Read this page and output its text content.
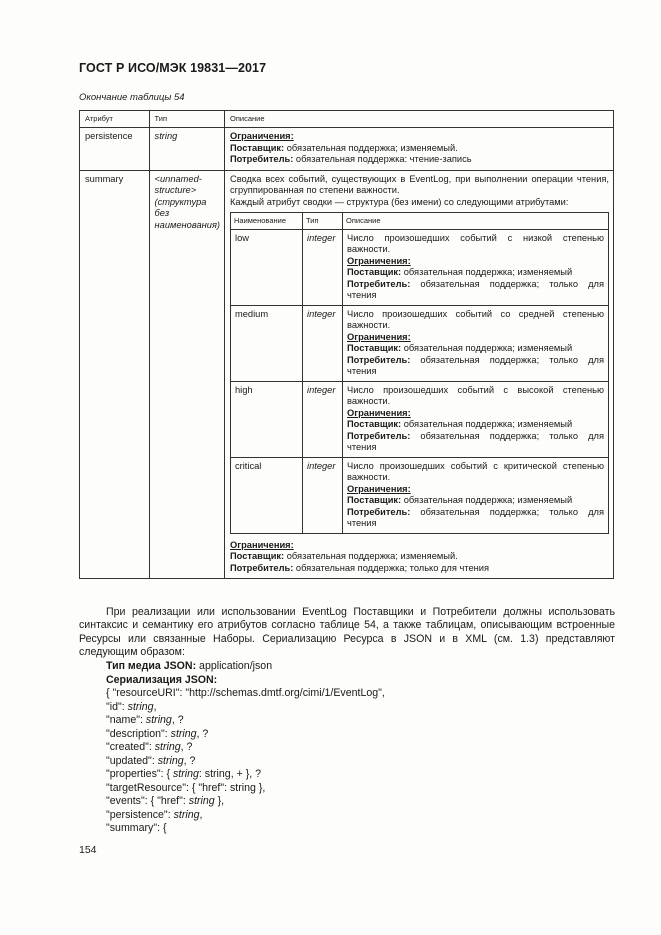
ГОСТ Р ИСО/МЭК 19831—2017
Окончание таблицы 54
Атрибут	Тип	Описание
persistence	string	Ограничения:
Поставщик: обязательная поддержка; изменяемый.
Потребитель: обязательная поддержка: чтение-запись

summary	<unnamed-structure> (структура без наименования)	
Сводка всех событий, существующих в EventLog, при выполнении операции чтения, сгруппированная по степени важности.
Каждый атрибут сводки — структура (без имени) со следующими атрибутами:
Наименование	Тип	Описание
low	integer	Число произошедших событий с низкой степенью важности.
Ограничения:
Поставщик: обязательная поддержка; изменяемый
Потребитель: обязательная поддержка; только для чтения

medium	integer	Число произошедших событий со средней степенью важности.
Ограничения:
Поставщик: обязательная поддержка; изменяемый
Потребитель: обязательная поддержка; только для чтения

high	integer	Число произошедших событий с высокой степенью важности.
Ограничения:
Поставщик: обязательная поддержка; изменяемый
Потребитель: обязательная поддержка; только для чтения

critical	integer	Число произошедших событий с критической степенью важности.
Ограничения:
Поставщик: обязательная поддержка; изменяемый
Потребитель: обязательная поддержка; только для чтения
Ограничения:
Поставщик: обязательная поддержка; изменяемый.
Потребитель: обязательная поддержка; только для чтения

При реализации или использовании EventLog Поставщики и Потребители должны использовать синтаксис и семантику его атрибутов согласно таблице 54, а также таблицам, описывающим встроенные Ресурсы или связанные Наборы. Сериализацию Ресурса в JSON и в XML (см. 1.3) представляют следующим образом:

Тип медиа JSON: application/json
Сериализация JSON:
{ "resourceURI": "http://schemas.dmtf.org/cimi/1/EventLog",
"id": string,
"name": string, ?
"description": string, ?
"created": string, ?
"updated": string, ?
"properties": { string: string, + }, ?
"targetResource": { "href": string },
"events": { "href": string },
"persistence": string,
"summary": {
154
